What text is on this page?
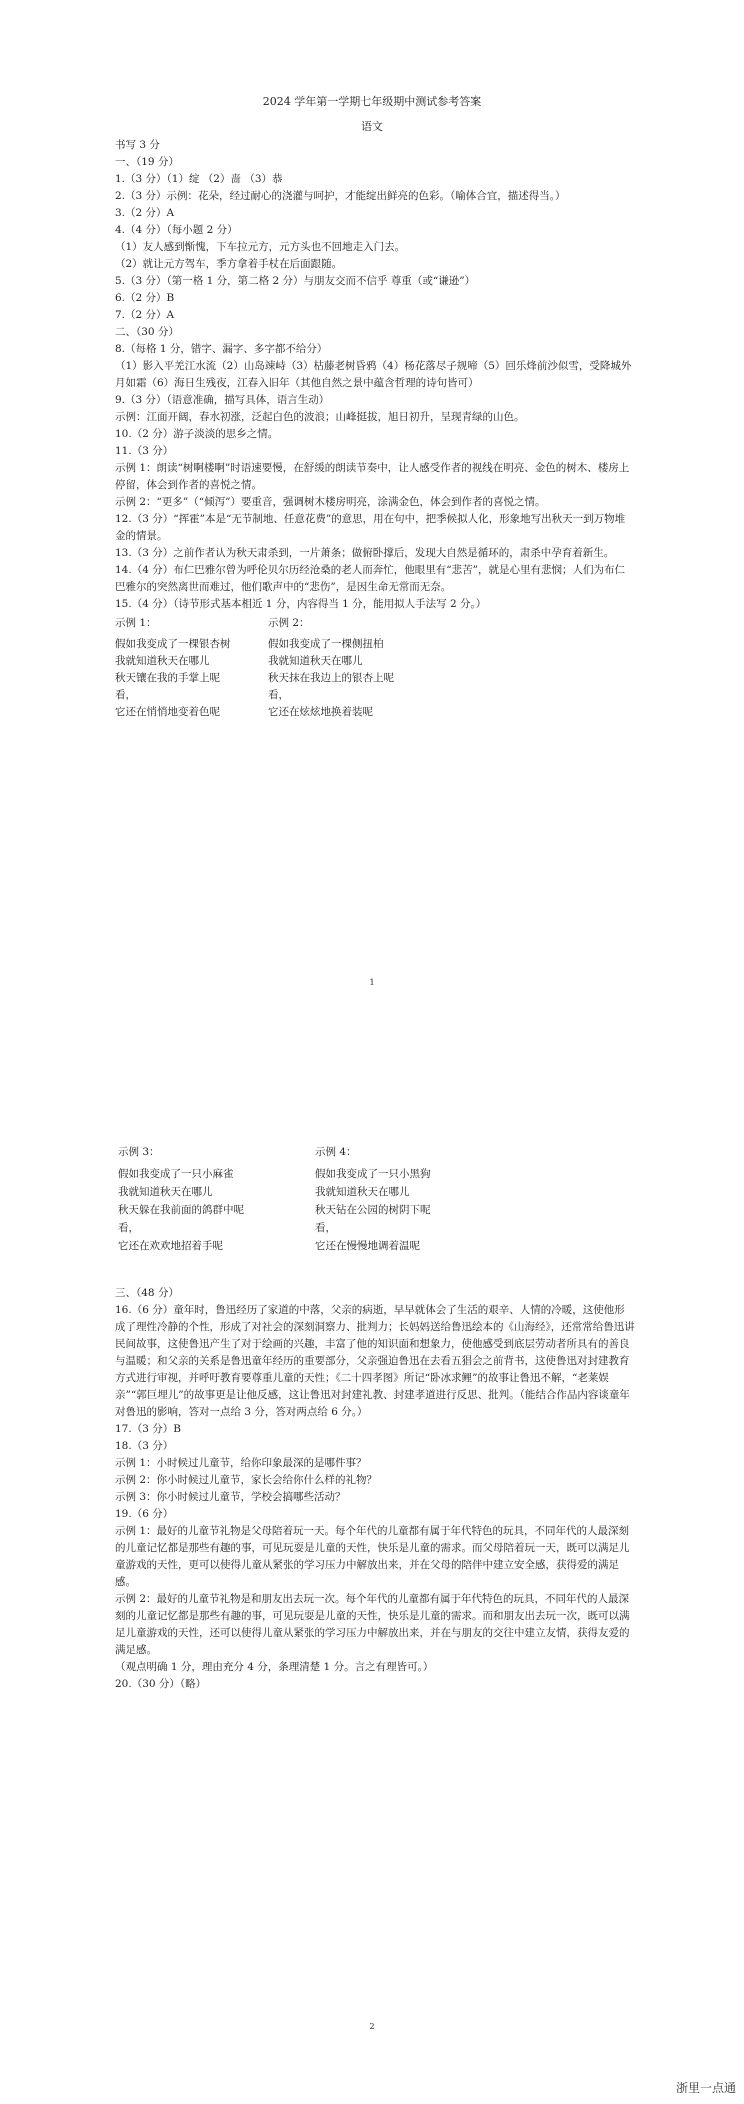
2024 学年第一学期七年级期中测试参考答案
语文

书写 3 分

一、（19 分）

1.（3 分）（1）绽 （2）啬 （3）恭

2.（3 分）示例：花朵，经过耐心的浇灌与呵护，才能绽出鲜亮的色彩。（喻体合宜，描述得当。）

3.（2 分）A

4.（4 分）（每小题 2 分）

（1）友人感到惭愧，下车拉元方，元方头也不回地走入门去。

（2）就让元方驾车，季方拿着手杖在后面跟随。

5.（3 分）（第一格 1 分，第二格 2 分）与朋友交而不信乎 尊重（或“谦逊”）

6.（2 分）B

7.（2 分）A

二、（30 分）

8.（每格 1 分，错字、漏字、多字都不给分）

（1）影入平羌江水流（2）山岛竦峙（3）枯藤老树昏鸦（4）杨花落尽子规啼（5）回乐烽前沙似雪，受降城外月如霜（6）海日生残夜，江春入旧年（其他自然之景中蕴含哲理的诗句皆可）

9.（3 分）（语意准确，描写具体，语言生动）

示例：江面开阔，春水初涨，泛起白色的波浪；山峰挺拔，旭日初升，呈现青绿的山色。

10.（2 分）游子淡淡的思乡之情。

11.（3 分）

示例 1：朗读“树啊楼啊”时语速要慢，在舒缓的朗读节奏中，让人感受作者的视线在明亮、金色的树木、楼房上停留，体会到作者的喜悦之情。

示例 2：“更多”（“倾泻”）要重音，强调树木楼房明亮，涂满金色，体会到作者的喜悦之情。

12.（3 分）“挥霍”本是“无节制地、任意花费”的意思，用在句中，把季候拟人化，形象地写出秋天一到万物堆金的情景。

13.（3 分）之前作者认为秋天肃杀到，一片萧条；做俯卧撑后，发现大自然是循环的，肃杀中孕育着新生。

14.（4 分）布仁巴雅尔曾为呼伦贝尔历经沧桑的老人而奔忙，他眼里有“悲苦”，就是心里有悲悯；人们为布仁巴雅尔的突然离世而难过，他们歌声中的“悲伤”，是因生命无常而无奈。

15.（4 分）（诗节形式基本相近 1 分，内容得当 1 分，能用拟人手法写 2 分。）

示例 1：
假如我变成了一棵银杏树
我就知道秋天在哪儿
秋天镶在我的手掌上呢
看，
它还在悄悄地变着色呢
示例 2：
假如我变成了一棵侧扭柏
我就知道秋天在哪儿
秋天抹在我边上的银杏上呢
看，
它还在炫炫地换着装呢
1
示例 3：
假如我变成了一只小麻雀
我就知道秋天在哪儿
秋天躲在我前面的鸽群中呢
看，
它还在欢欢地招着手呢
示例 4：
假如我变成了一只小黑狗
我就知道秋天在哪儿
秋天钻在公园的树阴下呢
看，
它还在慢慢地调着温呢

三、（48 分）

16.（6 分）童年时，鲁迅经历了家道的中落，父亲的病逝，早早就体会了生活的艰辛、人情的冷暖，这使他形成了理性冷静的个性，形成了对社会的深刻洞察力、批判力；长妈妈送给鲁迅绘本的《山海经》，还常常给鲁迅讲民间故事，这使鲁迅产生了对于绘画的兴趣，丰富了他的知识面和想象力，使他感受到底层劳动者所具有的善良与温暖；和父亲的关系是鲁迅童年经历的重要部分，父亲强迫鲁迅在去看五猖会之前背书，这使鲁迅对封建教育方式进行审视，并呼吁教育要尊重儿童的天性；《二十四孝图》所记“卧冰求鲤”的故事让鲁迅不解，“老莱娱亲”“郭巨埋儿”的故事更是让他反感，这让鲁迅对封建礼教、封建孝道进行反思、批判。（能结合作品内容谈童年对鲁迅的影响，答对一点给 3 分，答对两点给 6 分。）

17.（3 分）B

18.（3 分）

示例 1：小时候过儿童节，给你印象最深的是哪件事？

示例 2：你小时候过儿童节，家长会给你什么样的礼物？

示例 3：你小时候过儿童节，学校会搞哪些活动？

19.（6 分）

示例 1：最好的儿童节礼物是父母陪着玩一天。每个年代的儿童都有属于年代特色的玩具，不同年代的人最深刻的儿童记忆都是那些有趣的事，可见玩耍是儿童的天性，快乐是儿童的需求。而父母陪着玩一天，既可以满足儿童游戏的天性，更可以使得儿童从紧张的学习压力中解放出来，并在父母的陪伴中建立安全感，获得爱的满足感。

示例 2：最好的儿童节礼物是和朋友出去玩一次。每个年代的儿童都有属于年代特色的玩具，不同年代的人最深刻的儿童记忆都是那些有趣的事，可见玩耍是儿童的天性，快乐是儿童的需求。而和朋友出去玩一次，既可以满足儿童游戏的天性，还可以使得儿童从紧张的学习压力中解放出来，并在与朋友的交往中建立友情，获得友爱的满足感。

（观点明确 1 分，理由充分 4 分，条理清楚 1 分。言之有理皆可。）

20.（30 分）（略）

2
浙里一点通
